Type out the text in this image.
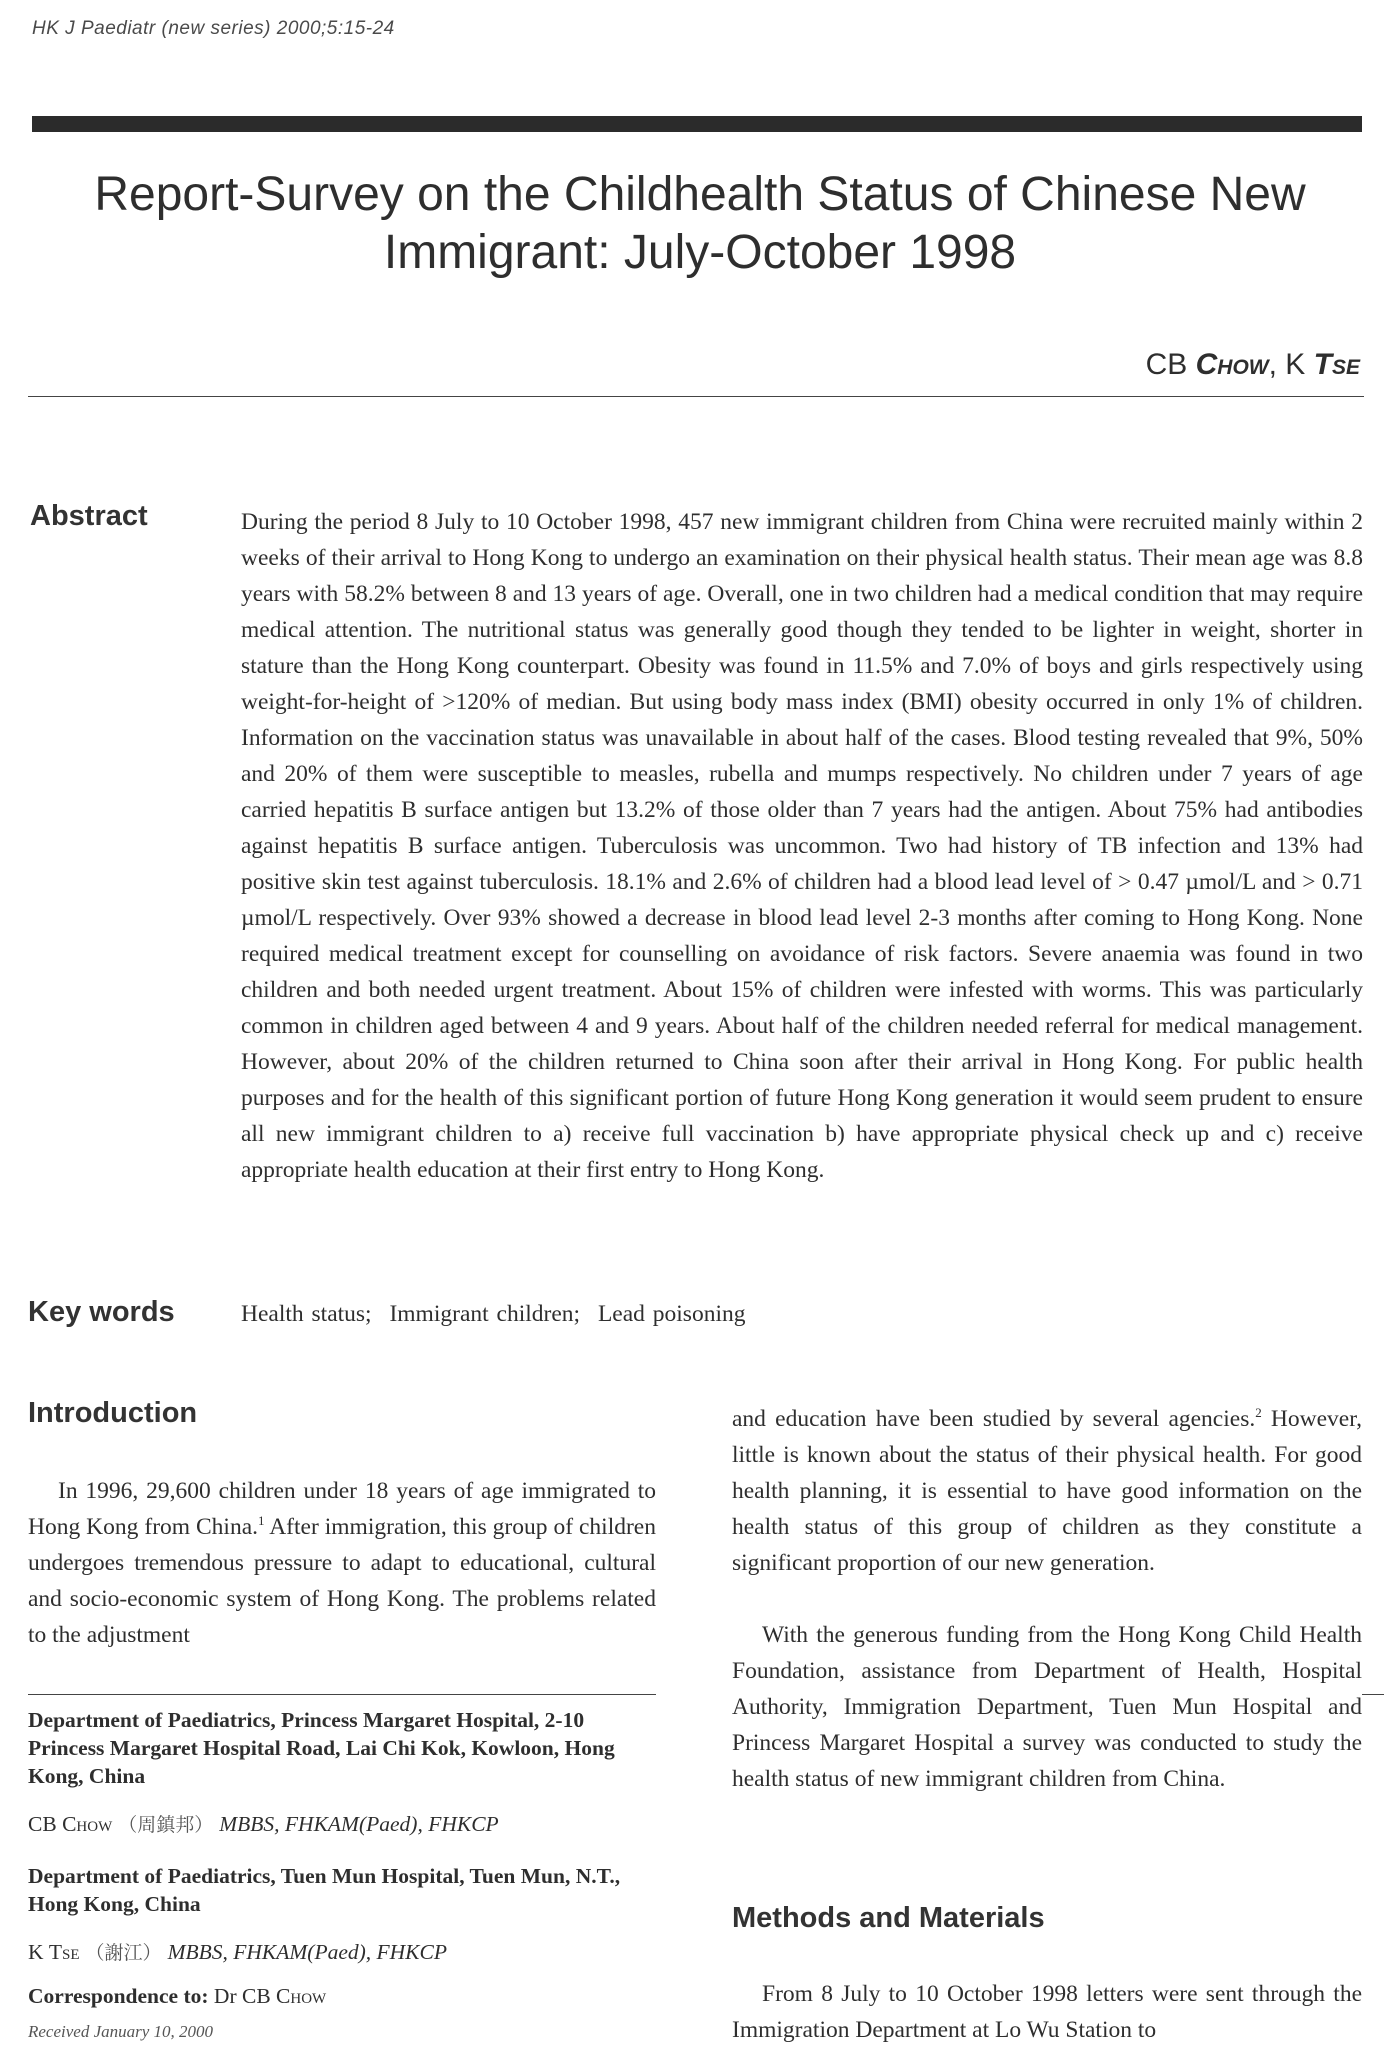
HK J Paediatr (new series) 2000;5:15-24
Report-Survey on the Childhealth Status of Chinese New Immigrant: July-October 1998
CB Chow, K Tse
Abstract	During the period 8 July to 10 October 1998, 457 new immigrant children from China were recruited mainly within 2 weeks of their arrival to Hong Kong to undergo an examination on their physical health status. Their mean age was 8.8 years with 58.2% between 8 and 13 years of age. Overall, one in two children had a medical condition that may require medical attention. The nutritional status was generally good though they tended to be lighter in weight, shorter in stature than the Hong Kong counterpart. Obesity was found in 11.5% and 7.0% of boys and girls respectively using weight-for-height of >120% of median. But using body mass index (BMI) obesity occurred in only 1% of children. Information on the vaccination status was unavailable in about half of the cases. Blood testing revealed that 9%, 50% and 20% of them were susceptible to measles, rubella and mumps respectively. No children under 7 years of age carried hepatitis B surface antigen but 13.2% of those older than 7 years had the antigen. About 75% had antibodies against hepatitis B surface antigen. Tuberculosis was uncommon. Two had history of TB infection and 13% had positive skin test against tuberculosis. 18.1% and 2.6% of children had a blood lead level of > 0.47 µmol/L and > 0.71 µmol/L respectively. Over 93% showed a decrease in blood lead level 2-3 months after coming to Hong Kong. None required medical treatment except for counselling on avoidance of risk factors. Severe anaemia was found in two children and both needed urgent treatment. About 15% of children were infested with worms. This was particularly common in children aged between 4 and 9 years. About half of the children needed referral for medical management. However, about 20% of the children returned to China soon after their arrival in Hong Kong. For public health purposes and for the health of this significant portion of future Hong Kong generation it would seem prudent to ensure all new immigrant children to a) receive full vaccination b) have appropriate physical check up and c) receive appropriate health education at their first entry to Hong Kong.

Key words	Health status; Immigrant children; Lead poisoning
Introduction

In 1996, 29,600 children under 18 years of age immigrated to Hong Kong from China.$^1$ After immigration, this group of children undergoes tremendous pressure to adapt to educational, cultural and socio-economic system of Hong Kong. The problems related to the adjustment

Department of Paediatrics, Princess Margaret Hospital, 2-10 Princess Margaret Hospital Road, Lai Chi Kok, Kowloon, Hong Kong, China
CB Chow （周鎮邦） MBBS, FHKAM(Paed), FHKCP
Department of Paediatrics, Tuen Mun Hospital, Tuen Mun, N.T., Hong Kong, China
K Tse （謝江） MBBS, FHKAM(Paed), FHKCP
Correspondence to: Dr CB Chow
Received January 10, 2000

and education have been studied by several agencies.$^2$ However, little is known about the status of their physical health. For good health planning, it is essential to have good information on the health status of this group of children as they constitute a significant proportion of our new generation.

With the generous funding from the Hong Kong Child Health Foundation, assistance from Department of Health, Hospital Authority, Immigration Department, Tuen Mun Hospital and Princess Margaret Hospital a survey was conducted to study the health status of new immigrant children from China.

Methods and Materials

From 8 July to 10 October 1998 letters were sent through the Immigration Department at Lo Wu Station to
